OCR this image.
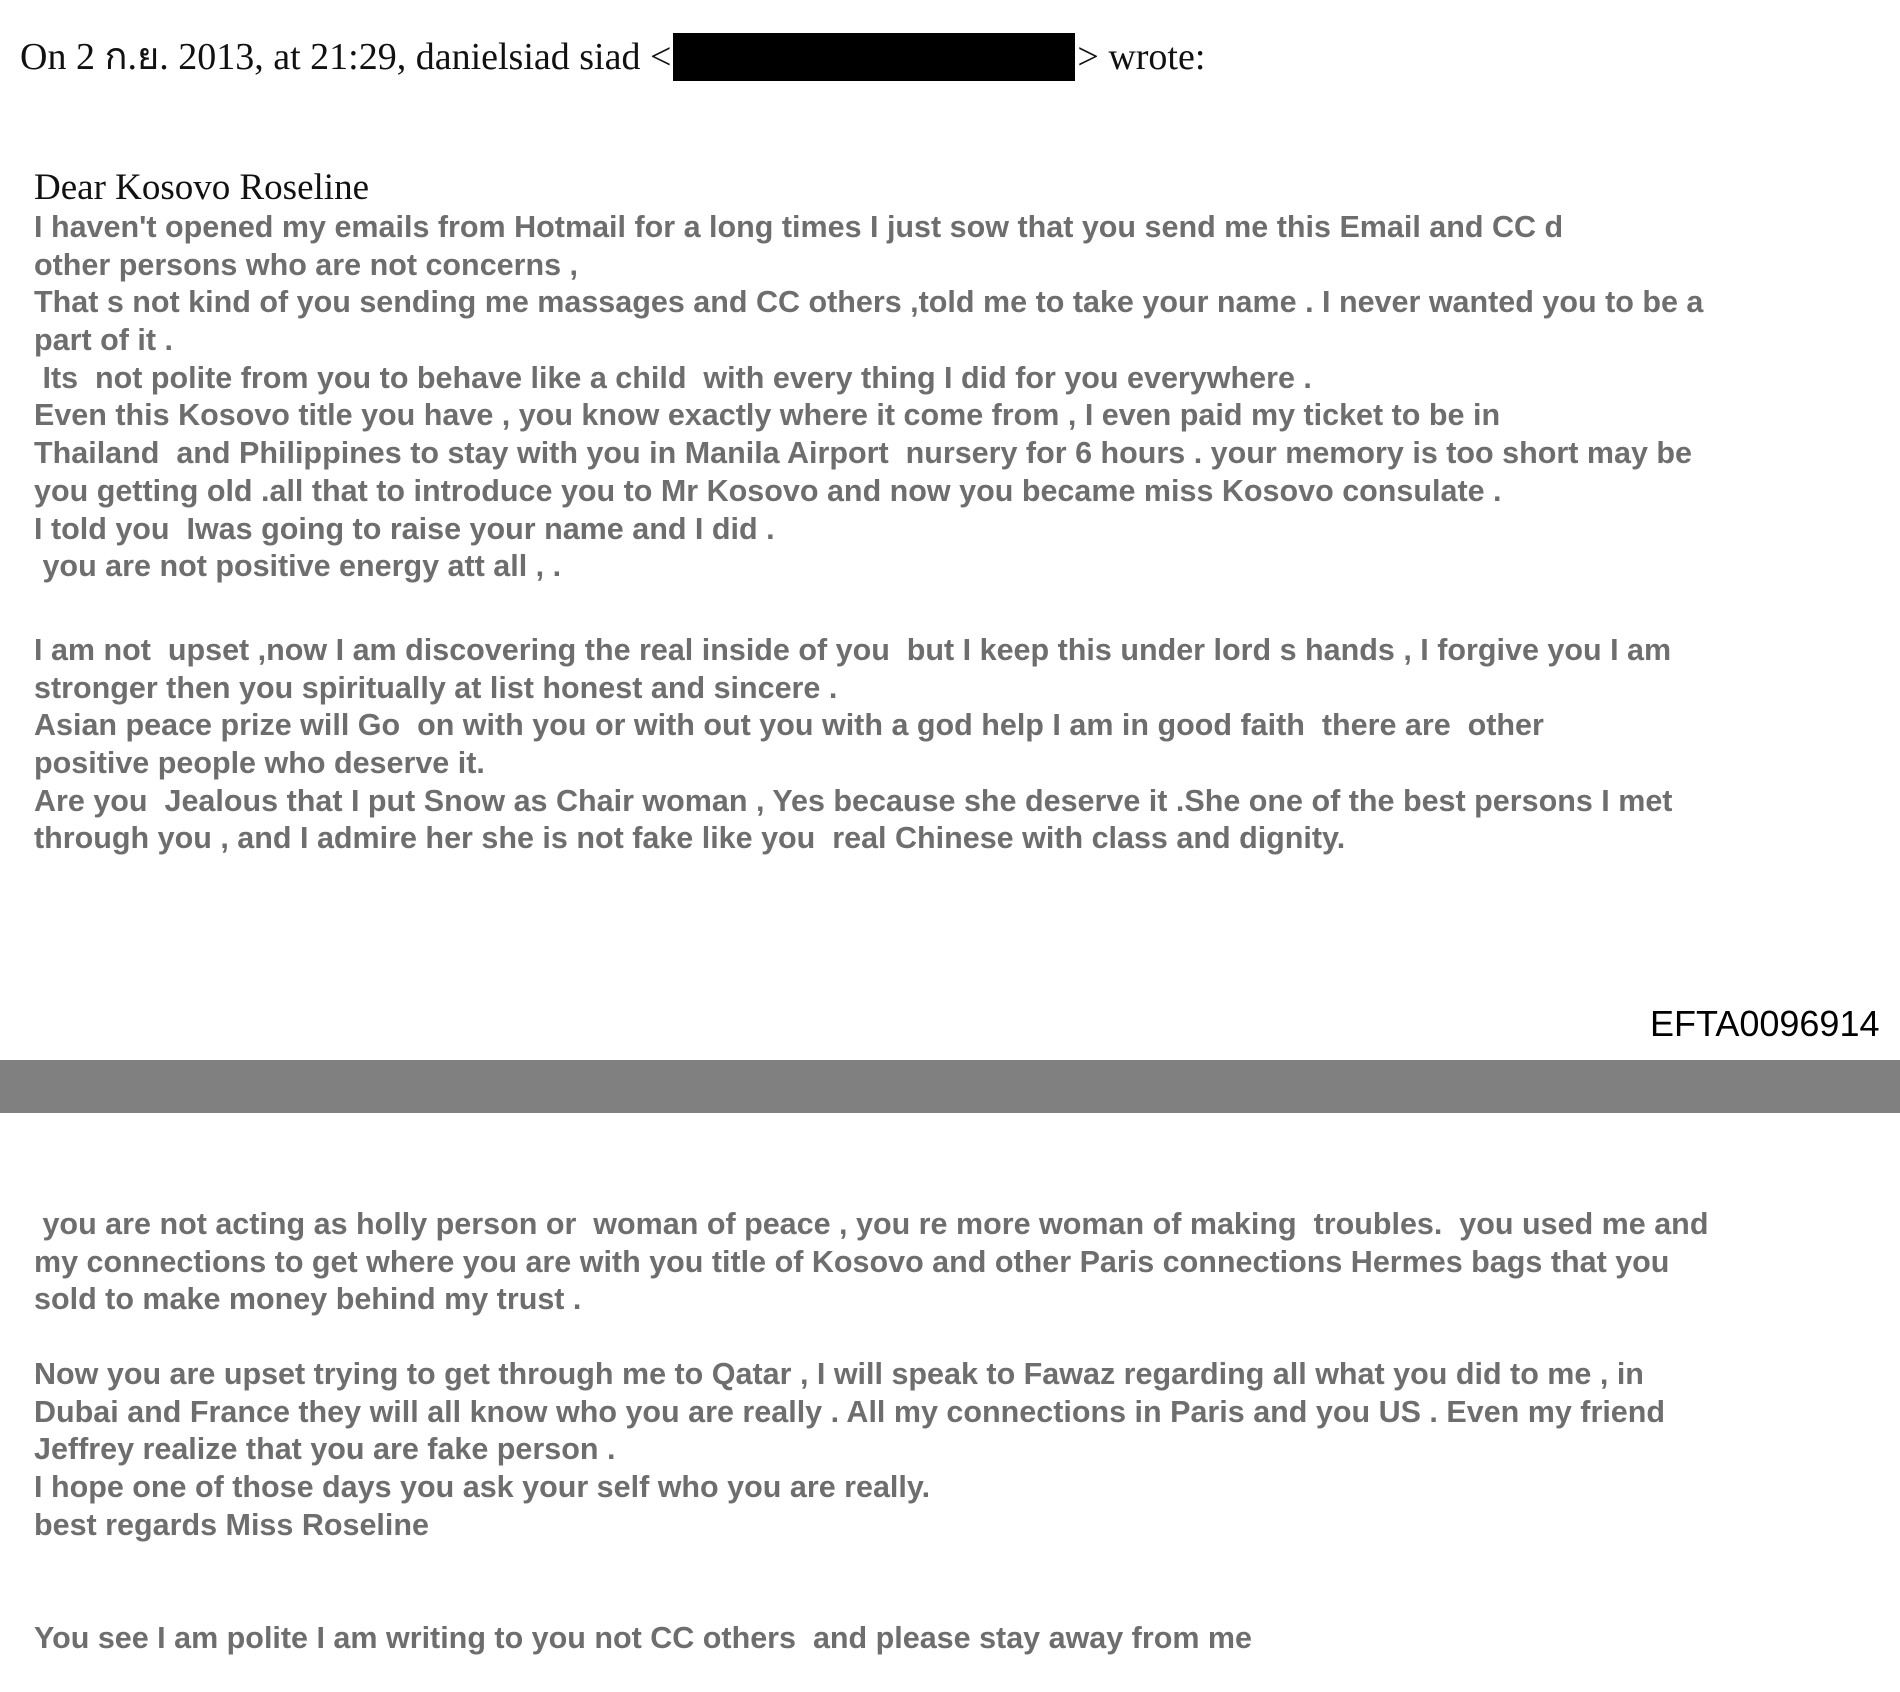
On 2 ก.ย. 2013, at 21:29, danielsiad siad <	> wrote:
Dear Kosovo Roseline
I haven't opened my emails from Hotmail for a long times I just sow that you send me this Email and CC d
other persons who are not concerns ,
That s not kind of you sending me massages and CC others ,told me to take your name . I never wanted you to be a
part of it .
Its  not polite from you to behave like a child  with every thing I did for you everywhere .
Even this Kosovo title you have , you know exactly where it come from , I even paid my ticket to be in
Thailand  and Philippines to stay with you in Manila Airport  nursery for 6 hours . your memory is too short may be
you getting old .all that to introduce you to Mr Kosovo and now you became miss Kosovo consulate .
I told you  Iwas going to raise your name and I did .
you are not positive energy att all , .
I am not  upset ,now I am discovering the real inside of you  but I keep this under lord s hands , I forgive you I am
stronger then you spiritually at list honest and sincere .
Asian peace prize will Go  on with you or with out you with a god help I am in good faith  there are  other
positive people who deserve it.
Are you  Jealous that I put Snow as Chair woman , Yes because she deserve it .She one of the best persons I met
through you , and I admire her she is not fake like you  real Chinese with class and dignity.
EFTA0096914
you are not acting as holly person or  woman of peace , you re more woman of making  troubles.  you used me and
my connections to get where you are with you title of Kosovo and other Paris connections Hermes bags that you
sold to make money behind my trust .
Now you are upset trying to get through me to Qatar , I will speak to Fawaz regarding all what you did to me , in
Dubai and France they will all know who you are really . All my connections in Paris and you US . Even my friend
Jeffrey realize that you are fake person .
I hope one of those days you ask your self who you are really.
best regards Miss Roseline
You see I am polite I am writing to you not CC others  and please stay away from me
